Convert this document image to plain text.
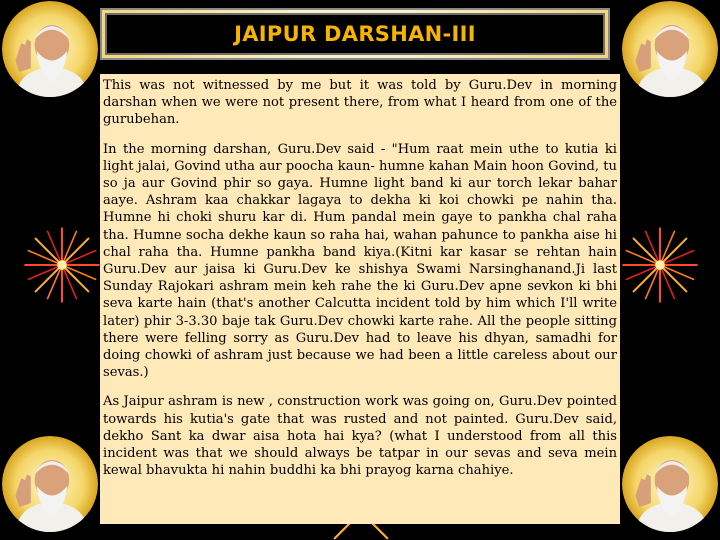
JAIPUR DARSHAN-III

This was not witnessed by me but it was told by Guru.Dev in morning darshan when we were not present there, from what I heard from one of the gurubehan.

In the morning darshan, Guru.Dev said - "Hum raat mein uthe to kutia ki light jalai, Govind utha aur poocha kaun- humne kahan Main hoon Govind, tu so ja aur Govind phir so gaya. Humne light band ki aur torch lekar bahar aaye. Ashram kaa chakkar lagaya to dekha ki koi chowki pe nahin tha. Humne hi choki shuru kar di. Hum pandal mein gaye to pankha chal raha tha. Humne socha dekhe kaun so raha hai, wahan pahunce to pankha aise hi chal raha tha. Humne pankha band kiya.(Kitni kar kasar se rehtan hain Guru.Dev aur jaisa ki Guru.Dev ke shishya Swami Narsinghanand.Ji last Sunday Rajokari ashram mein keh rahe the ki Guru.Dev apne sevkon ki bhi seva karte hain (that's another Calcutta incident told by him which I'll write later) phir 3-3.30 baje tak Guru.Dev chowki karte rahe. All the people sitting there were felling sorry as Guru.Dev had to leave his dhyan, samadhi for doing chowki of ashram just because we had been a little careless about our sevas.)

As Jaipur ashram is new , construction work was going on, Guru.Dev pointed towards his kutia's gate that was rusted and not painted. Guru.Dev said, dekho Sant ka dwar aisa hota hai kya? (what I understood from all this incident was that we should always be tatpar in our sevas and seva mein kewal bhavukta hi nahin buddhi ka bhi prayog karna chahiye.
